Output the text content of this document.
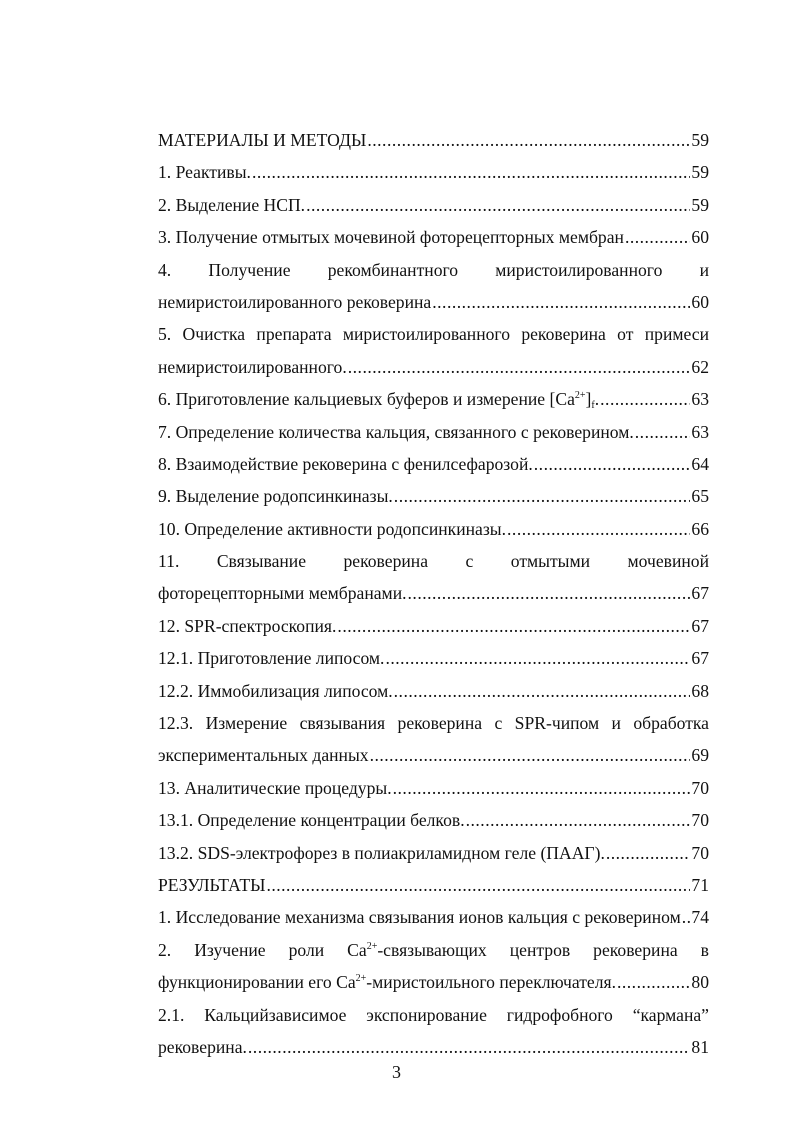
МАТЕРИАЛЫ И МЕТОДЫ .....	59
1. Реактивы. .....	59
2. Выделение НСП. .....	59
3. Получение отмытых мочевиной фоторецепторных мембран .....	60
4. Получение рекомбинантного миристоилированного и
немиристоилированного рековерина .....	60
5. Очистка препарата миристоилированного рековерина от примеси
немиристоилированного. .....	62
6. Приготовление кальциевых буферов и измерение $[Ca^{2+}]_f$. .....	63
7. Определение количества кальция, связанного с рековерином. .....	63
8. Взаимодействие рековерина с фенилсефарозой. .....	64
9. Выделение родопсинкиназы. .....	65
10. Определение активности родопсинкиназы. .....	66
11. Связывание рековерина с отмытыми мочевиной
фоторецепторными мембранами. .....	67
12. SPR-спектроскопия. .....	67
12.1. Приготовление липосом. .....	67
12.2. Иммобилизация липосом. .....	68
12.3. Измерение связывания рековерина с SPR-чипом и обработка
экспериментальных данных .....	69
13. Аналитические процедуры. .....	70
13.1. Определение концентрации белков. .....	70
13.2. SDS-электрофорез в полиакриламидном геле (ПААГ). .....	70
РЕЗУЛЬТАТЫ .....	71
1. Исследование механизма связывания ионов кальция с рековерином ..... 74
2. Изучение роли $Ca^{2+}$-связывающих центров рековерина в
функционировании его $Ca^{2+}$-миристоильного переключателя. .....	80
2.1. Кальцийзависимое экспонирование гидрофобного “кармана”
рековерина. .....	81
3
